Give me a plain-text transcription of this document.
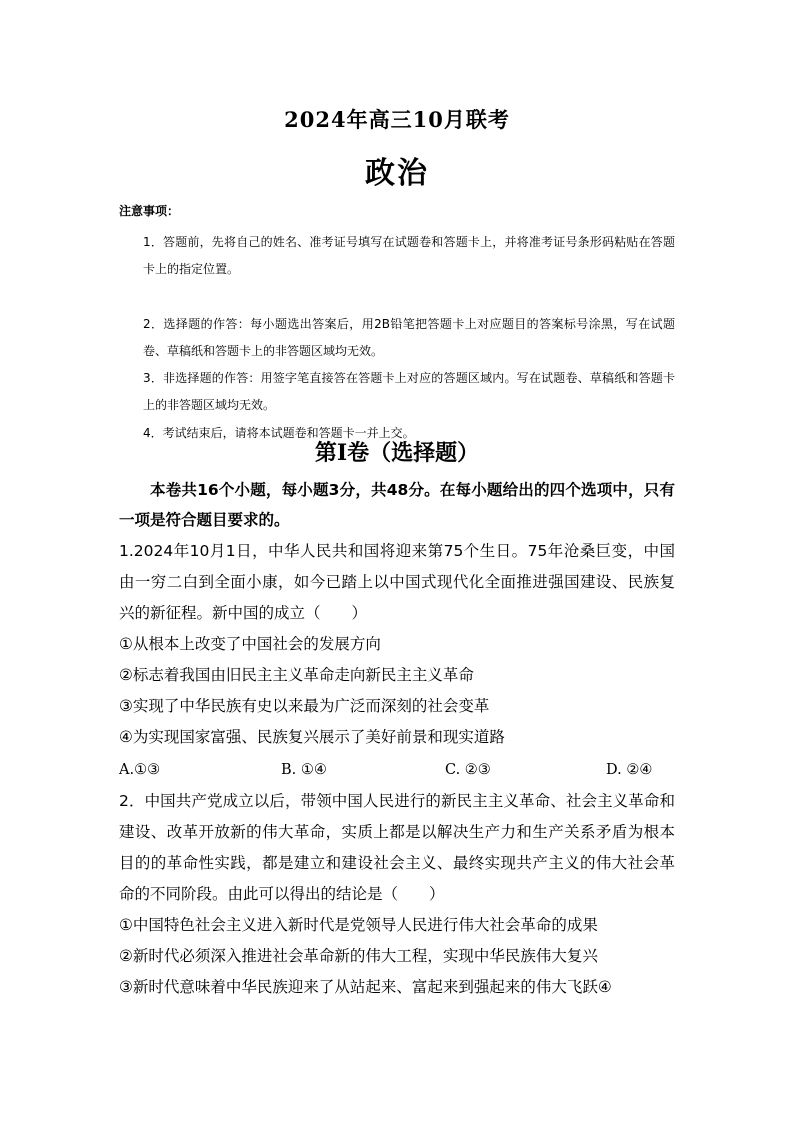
2024年高三10月联考
政治
注意事项：
1．答题前，先将自己的姓名、准考证号填写在试题卷和答题卡上，并将准考证号条形码粘贴在答题卡上的指定位置。
2．选择题的作答：每小题选出答案后，用2B铅笔把答题卡上对应题目的答案标号涂黑，写在试题卷、草稿纸和答题卡上的非答题区域均无效。
3．非选择题的作答：用签字笔直接答在答题卡上对应的答题区域内。写在试题卷、草稿纸和答题卡上的非答题区域均无效。
4．考试结束后，请将本试题卷和答题卡一并上交。
第Ⅰ卷（选择题）
本卷共16个小题，每小题3分，共48分。在每小题给出的四个选项中，只有一项是符合题目要求的。
1.2024年10月1日，中华人民共和国将迎来第75个生日。75年沧桑巨变，中国由一穷二白到全面小康，如今已踏上以中国式现代化全面推进强国建设、民族复兴的新征程。新中国的成立（　　）
①从根本上改变了中国社会的发展方向
②标志着我国由旧民主主义革命走向新民主主义革命
③实现了中华民族有史以来最为广泛而深刻的社会变革
④为实现国家富强、民族复兴展示了美好前景和现实道路
A.①③	B. ①④	C. ②③	D. ②④
2．中国共产党成立以后，带领中国人民进行的新民主主义革命、社会主义革命和建设、改革开放新的伟大革命，实质上都是以解决生产力和生产关系矛盾为根本目的的革命性实践，都是建立和建设社会主义、最终实现共产主义的伟大社会革命的不同阶段。由此可以得出的结论是（　　）
①中国特色社会主义进入新时代是党领导人民进行伟大社会革命的成果
②新时代必须深入推进社会革命新的伟大工程，实现中华民族伟大复兴
③新时代意味着中华民族迎来了从站起来、富起来到强起来的伟大飞跃④
